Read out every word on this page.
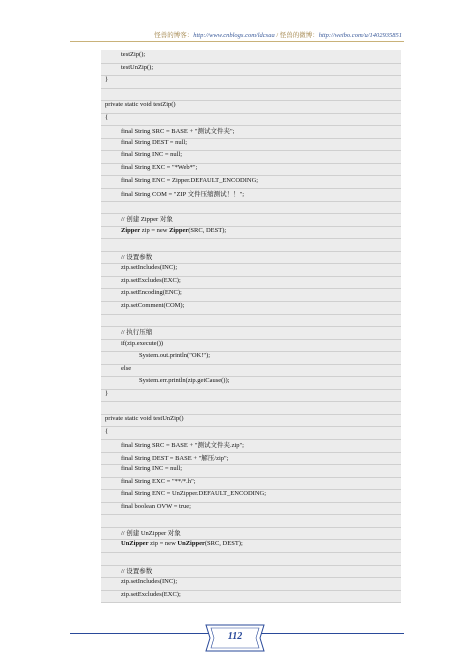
怪兽的博客：http://www.cnblogs.com/ldcsaa / 怪兽的微博：http://weibo.com/u/1402935851
testZip();
testUnZip();
}
private static void testZip()
{
final String SRC = BASE + "测试文件夹";
final String DEST = null;
final String INC = null;
final String EXC = "*Web*";
final String ENC = Zipper.DEFAULT_ENCODING;
final String COM = "ZIP 文件压缩测试！！";
// 创建 Zipper 对象
Zipper zip = new Zipper(SRC, DEST);
// 设置参数
zip.setIncludes(INC);
zip.setExcludes(EXC);
zip.setEncoding(ENC);
zip.setComment(COM);
// 执行压缩
if(zip.execute())
System.out.println("OK!");
else
System.err.println(zip.getCause());
}
private static void testUnZip()
{
final String SRC = BASE + "测试文件夹.zip";
final String DEST = BASE + "解压/zip";
final String INC = null;
final String EXC = "**/*.h";
final String ENC = UnZipper.DEFAULT_ENCODING;
final boolean OVW = true;
// 创建 UnZipper 对象
UnZipper zip = new UnZipper(SRC, DEST);
// 设置参数
zip.setIncludes(INC);
zip.setExcludes(EXC);
112
